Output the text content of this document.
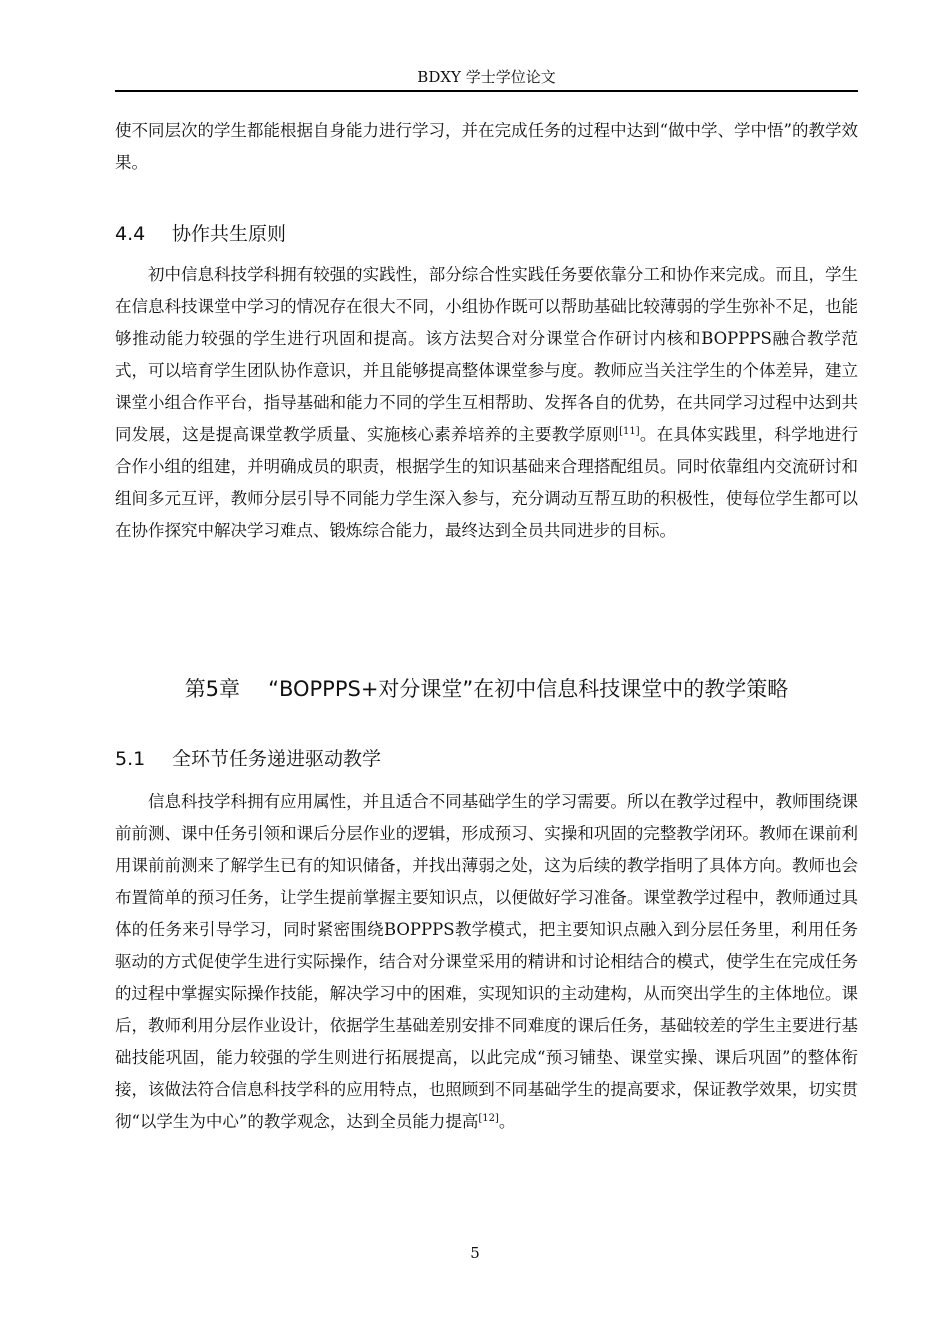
BDXY 学士学位论文

使不同层次的学生都能根据自身能力进行学习，并在完成任务的过程中达到“做中学、学中悟”的教学效果。

4.4 协作共生原则

初中信息科技学科拥有较强的实践性，部分综合性实践任务要依靠分工和协作来完成。而且，学生在信息科技课堂中学习的情况存在很大不同，小组协作既可以帮助基础比较薄弱的学生弥补不足，也能够推动能力较强的学生进行巩固和提高。该方法契合对分课堂合作研讨内核和BOPPPS融合教学范式，可以培育学生团队协作意识，并且能够提高整体课堂参与度。教师应当关注学生的个体差异，建立课堂小组合作平台，指导基础和能力不同的学生互相帮助、发挥各自的优势，在共同学习过程中达到共同发展，这是提高课堂教学质量、实施核心素养培养的主要教学原则[11]。在具体实践里，科学地进行合作小组的组建，并明确成员的职责，根据学生的知识基础来合理搭配组员。同时依靠组内交流研讨和组间多元互评，教师分层引导不同能力学生深入参与，充分调动互帮互助的积极性，使每位学生都可以在协作探究中解决学习难点、锻炼综合能力，最终达到全员共同进步的目标。

第5章 “BOPPPS+对分课堂”在初中信息科技课堂中的教学策略
5.1 全环节任务递进驱动教学

信息科技学科拥有应用属性，并且适合不同基础学生的学习需要。所以在教学过程中，教师围绕课前前测、课中任务引领和课后分层作业的逻辑，形成预习、实操和巩固的完整教学闭环。教师在课前利用课前前测来了解学生已有的知识储备，并找出薄弱之处，这为后续的教学指明了具体方向。教师也会布置简单的预习任务，让学生提前掌握主要知识点，以便做好学习准备。课堂教学过程中，教师通过具体的任务来引导学习，同时紧密围绕BOPPPS教学模式，把主要知识点融入到分层任务里，利用任务驱动的方式促使学生进行实际操作，结合对分课堂采用的精讲和讨论相结合的模式，使学生在完成任务的过程中掌握实际操作技能，解决学习中的困难，实现知识的主动建构，从而突出学生的主体地位。课后，教师利用分层作业设计，依据学生基础差别安排不同难度的课后任务，基础较差的学生主要进行基础技能巩固，能力较强的学生则进行拓展提高，以此完成“预习铺垫、课堂实操、课后巩固”的整体衔接，该做法符合信息科技学科的应用特点，也照顾到不同基础学生的提高要求，保证教学效果，切实贯彻“以学生为中心”的教学观念，达到全员能力提高[12]。

5
